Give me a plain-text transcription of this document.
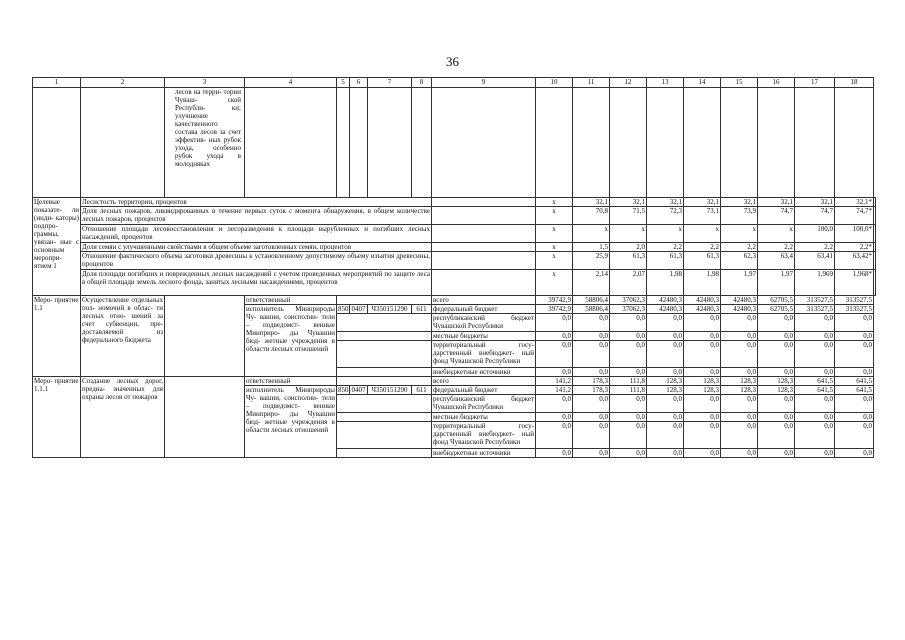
36
1	2	3	4	5	6	7	8	9	10	11	12	13	14	15	16	17	18	
		лесов на терри- тории Чуваш- ской Республи- ки; улучшение качественного состава лесов за счет эффектив- ных рубок ухода, особенно рубок ухода в молодняках																
Целевые показате- ли (инди- каторы) подпро- граммы, увязан- ные с основным меропри- ятием 1	Лесистость территории, процентов								x	32,1	32,1	32,1	32,1	32,1	32,1	32,1	32,1*	
	Доля лесных пожаров, ликвидированных в течение первых суток с момента обнаружения, в общем количестве лесных пожаров, процентов								x	70,8	71,5	72,3	73,1	73,9	74,7	74,7	74,7*	
	Отношение площади лесовосстановления и лесоразведения к площади вырубленных и погибших лесных насаждений, процентов								x	x	x	x	x	x	x	100,0	100,0*	
	Доля семян с улучшенными свойствами в общем объеме заготовленных семян, процентов								x	1,5	2,0	2,2	2,2	2,2	2,2	2,2	2,2*	
	Отношение фактического объема заготовки древесины к установленному допустимому объему изъятия древесины, процентов								x	25,9	61,3	61,3	61,3	62,3	63,4	63,41	63,42*	
	Доля площади погибших и поврежденных лесных насаждений с учетом проведенных мероприятий по защите леса в общей площади земель лесного фонда, занятых лесными насаждениями, процентов								x	2,14	2,07	1,98	1,98	1,97	1,97	1,969	1,968*	
Меро- приятие 1.1	Осуществление отдельных пол- номочий в облас- ти лесных отно- шений за счет субвенции, пре- доставляемой из федерального бюджета		ответственный					всего	39742,9	58806,4	37062,3	42480,3	42480,3	42480,3	62705,5	313527,5	313527,5	
			исполнитель Минприроды Чу- вашии, соисполни- тели – подведомст- венные Минприро- ды Чувашии бюд- жетные учреждения в области лесных отношений	850	0407	Ч350151290	611	федеральный бюджет	39742,9	58806,4	37062,3	42480,3	42480,3	42480,3	62705,5	313527,5	313527,5	
								республиканский бюджет Чувашской Республики	0,0	0,0	0,0	0,0	0,0	0,0	0,0	0,0	0,0	
								местные бюджеты	0,0	0,0	0,0	0,0	0,0	0,0	0,0	0,0	0,0	
								территориальный госу- дарственный внебюджет- ный фонд Чувашской Республики	0,0	0,0	0,0	0,0	0,0	0,0	0,0	0,0	0,0	
								внебюджетные источники	0,0	0,0	0,0	0,0	0,0	0,0	0,0	0,0	0,0	
Меро- приятие 1.1.1	Создание лесных дорог, предна- значенных для охраны лесов от пожаров		ответственный					всего	141,2	178,3	111,8	128,3	128,3	128,3	128,3	641,5	641,5	
			исполнитель Минприроды Чу- вашии, соисполни- тели – подведомст- венные Минприро- ды Чувашии бюд- жетные учреждения в области лесных отношений	850	0407	Ч350151290	611	федеральный бюджет	141,2	178,3	111,8	128,3	128,3	128,3	128,3	641,5	641,5	
								республиканский бюджет Чувашской Республики	0,0	0,0	0,0	0,0	0,0	0,0	0,0	0,0	0,0	
								местные бюджеты	0,0	0,0	0,0	0,0	0,0	0,0	0,0	0,0	0,0	
								территориальный госу- дарственный внебюджет- ный фонд Чувашской Республики	0,0	0,0	0,0	0,0	0,0	0,0	0,0	0,0	0,0	
								внебюджетные источники	0,0	0,0	0,0	0,0	0,0	0,0	0,0	0,0	0,0	
